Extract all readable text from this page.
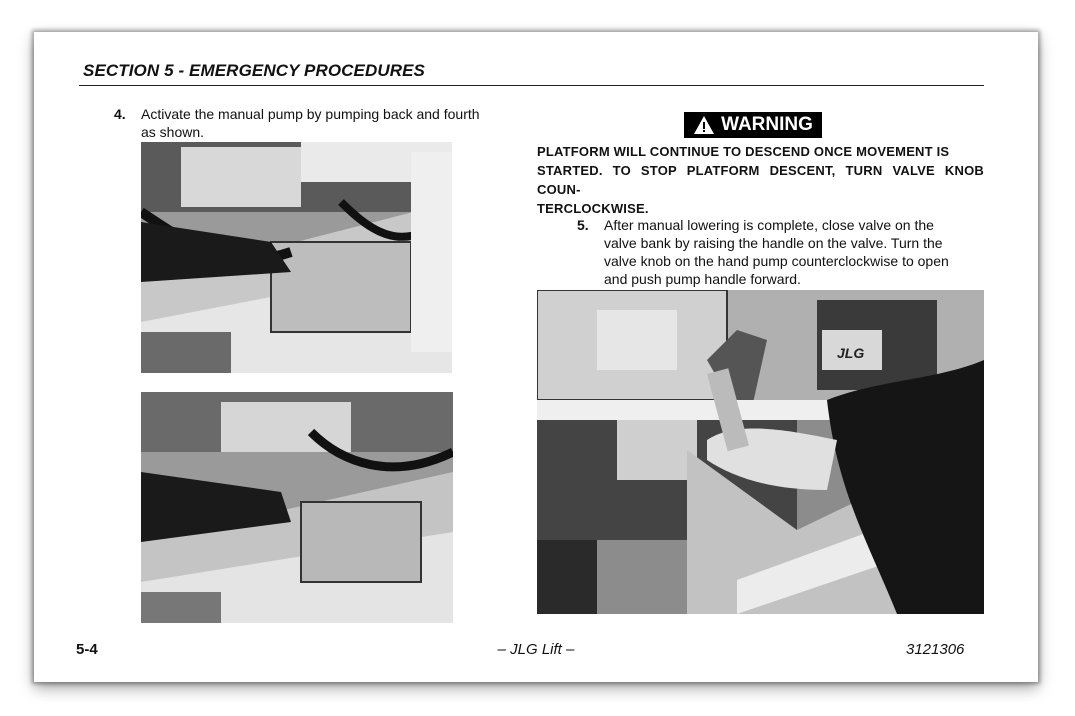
SECTION 5 - EMERGENCY PROCEDURES
4. Activate the manual pump by pumping back and fourth
as shown.	WARNING
PLATFORM WILL CONTINUE TO DESCEND ONCE MOVEMENT IS
STARTED. TO STOP PLATFORM DESCENT, TURN VALVE KNOB COUN-
TERCLOCKWISE.
5. After manual lowering is complete, close valve on the
valve bank by raising the handle on the valve. Turn the
valve knob on the hand pump counterclockwise to open
and push pump handle forward.
JLG
5-4	– JLG Lift –	3121306
